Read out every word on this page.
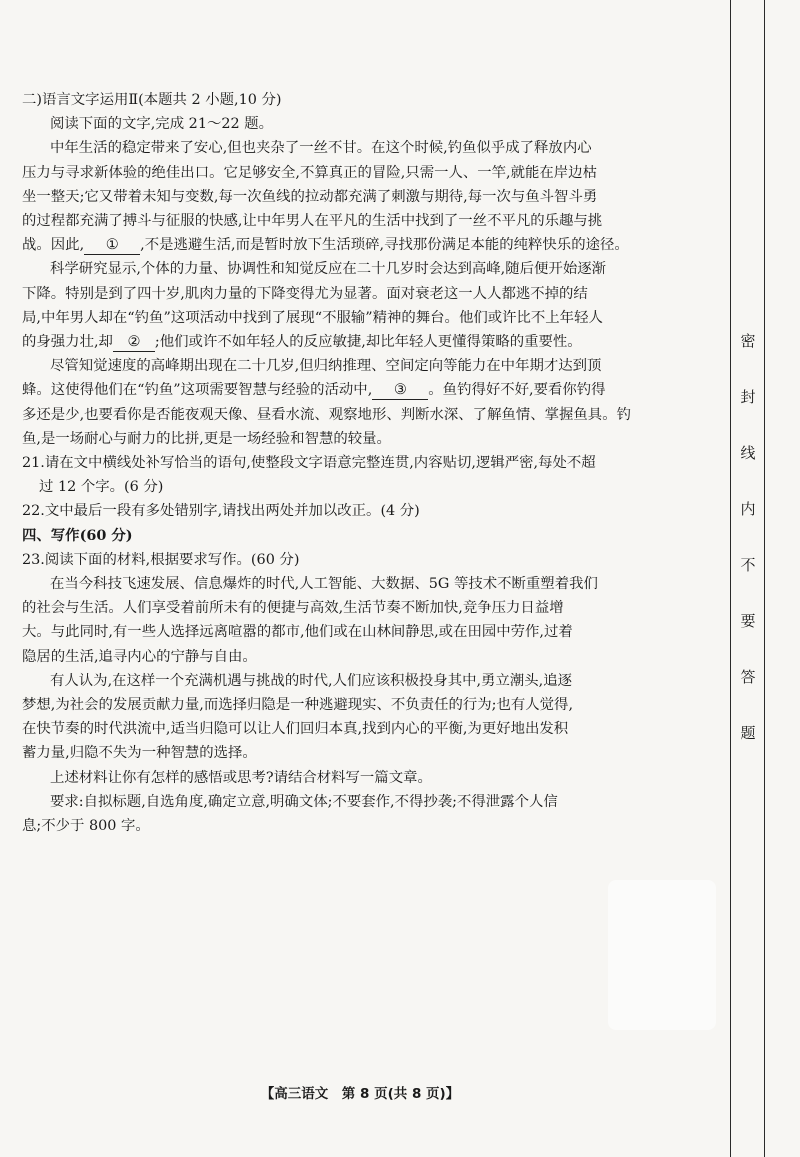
二)语言文字运用Ⅱ(本题共 2 小题,10 分)
阅读下面的文字,完成 21～22 题。
中年生活的稳定带来了安心,但也夹杂了一丝不甘。在这个时候,钓鱼似乎成了释放内心
压力与寻求新体验的绝佳出口。它足够安全,不算真正的冒险,只需一人、一竿,就能在岸边枯
坐一整天;它又带着未知与变数,每一次鱼线的拉动都充满了刺激与期待,每一次与鱼斗智斗勇
的过程都充满了搏斗与征服的快感,让中年男人在平凡的生活中找到了一丝不平凡的乐趣与挑
战。因此, ① ,不是逃避生活,而是暂时放下生活琐碎,寻找那份满足本能的纯粹快乐的途径。
科学研究显示,个体的力量、协调性和知觉反应在二十几岁时会达到高峰,随后便开始逐渐
下降。特别是到了四十岁,肌肉力量的下降变得尤为显著。面对衰老这一人人都逃不掉的结
局,中年男人却在“钓鱼”这项活动中找到了展现“不服输”精神的舞台。他们或许比不上年轻人
的身强力壮,却 ② ;他们或许不如年轻人的反应敏捷,却比年轻人更懂得策略的重要性。
尽管知觉速度的高峰期出现在二十几岁,但归纳推理、空间定向等能力在中年期才达到顶
蜂。这使得他们在“钓鱼”这项需要智慧与经验的活动中, ③ 。鱼钓得好不好,要看你钓得
多还是少,也要看你是否能夜观天像、昼看水流、观察地形、判断水深、了解鱼情、掌握鱼具。钓
鱼,是一场耐心与耐力的比拼,更是一场经验和智慧的较量。
21.请在文中横线处补写恰当的语句,使整段文字语意完整连贯,内容贴切,逻辑严密,每处不超
过 12 个字。(6 分)
22.文中最后一段有多处错别字,请找出两处并加以改正。(4 分)
四、写作(60 分)
23.阅读下面的材料,根据要求写作。(60 分)
在当今科技飞速发展、信息爆炸的时代,人工智能、大数据、5G 等技术不断重塑着我们
的社会与生活。人们享受着前所未有的便捷与高效,生活节奏不断加快,竞争压力日益增
大。与此同时,有一些人选择远离喧嚣的都市,他们或在山林间静思,或在田园中劳作,过着
隐居的生活,追寻内心的宁静与自由。
有人认为,在这样一个充满机遇与挑战的时代,人们应该积极投身其中,勇立潮头,追逐
梦想,为社会的发展贡献力量,而选择归隐是一种逃避现实、不负责任的行为;也有人觉得,
在快节奏的时代洪流中,适当归隐可以让人们回归本真,找到内心的平衡,为更好地出发积
蓄力量,归隐不失为一种智慧的选择。
上述材料让你有怎样的感悟或思考?请结合材料写一篇文章。
要求:自拟标题,自选角度,确定立意,明确文体;不要套作,不得抄袭;不得泄露个人信
息;不少于 800 字。
密
封
线
内
不
要
答
题
【高三语文　第 8 页(共 8 页)】
